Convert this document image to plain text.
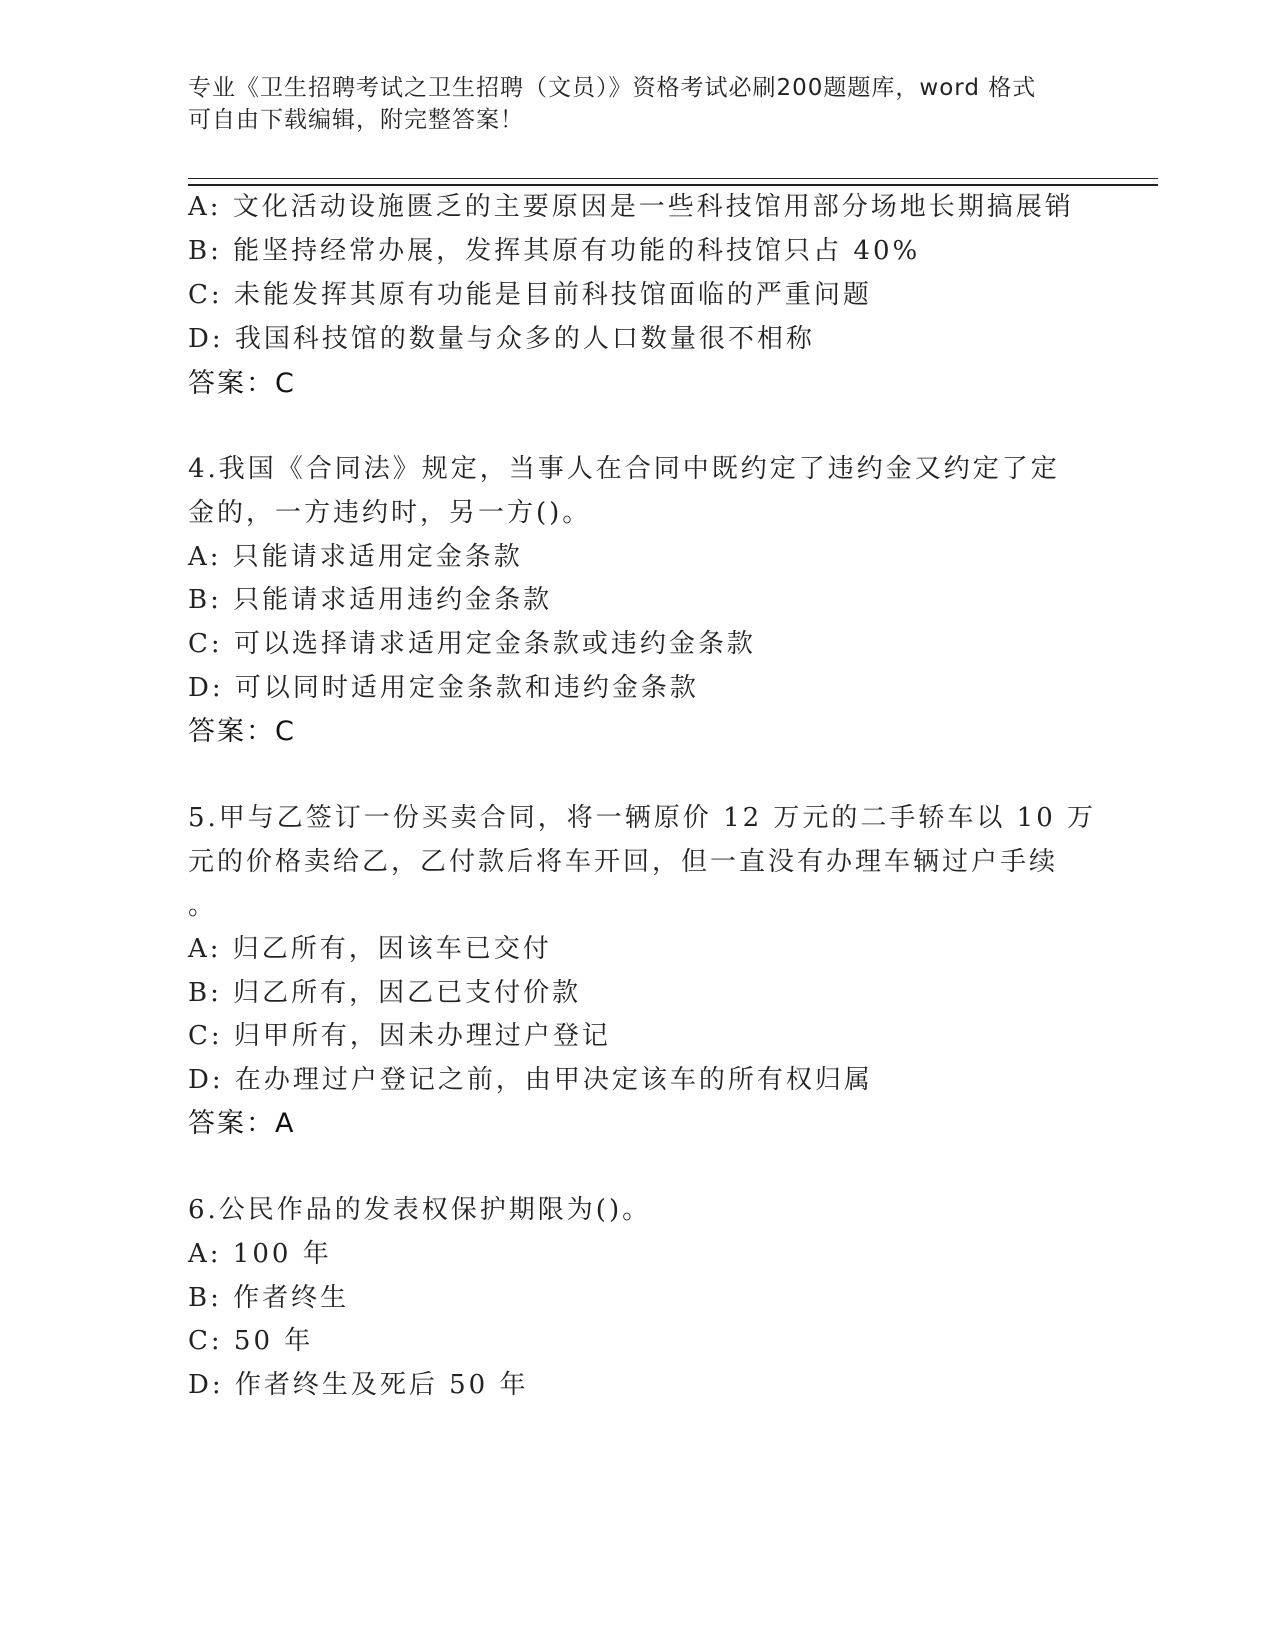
专业《卫生招聘考试之卫生招聘（文员）》资格考试必刷200题题库，word 格式
可自由下载编辑，附完整答案！
A: 文化活动设施匮乏的主要原因是一些科技馆用部分场地长期搞展销
B: 能坚持经常办展，发挥其原有功能的科技馆只占 40%
C: 未能发挥其原有功能是目前科技馆面临的严重问题
D: 我国科技馆的数量与众多的人口数量很不相称
答案：C
4.我国《合同法》规定，当事人在合同中既约定了违约金又约定了定
金的，一方违约时，另一方()。
A: 只能请求适用定金条款
B: 只能请求适用违约金条款
C: 可以选择请求适用定金条款或违约金条款
D: 可以同时适用定金条款和违约金条款
答案：C
5.甲与乙签订一份买卖合同，将一辆原价 12 万元的二手轿车以 10 万
元的价格卖给乙，乙付款后将车开回，但一直没有办理车辆过户手续
。
A: 归乙所有，因该车已交付
B: 归乙所有，因乙已支付价款
C: 归甲所有，因未办理过户登记
D: 在办理过户登记之前，由甲决定该车的所有权归属
答案：A
6.公民作品的发表权保护期限为()。
A: 100 年
B: 作者终生
C: 50 年
D: 作者终生及死后 50 年
